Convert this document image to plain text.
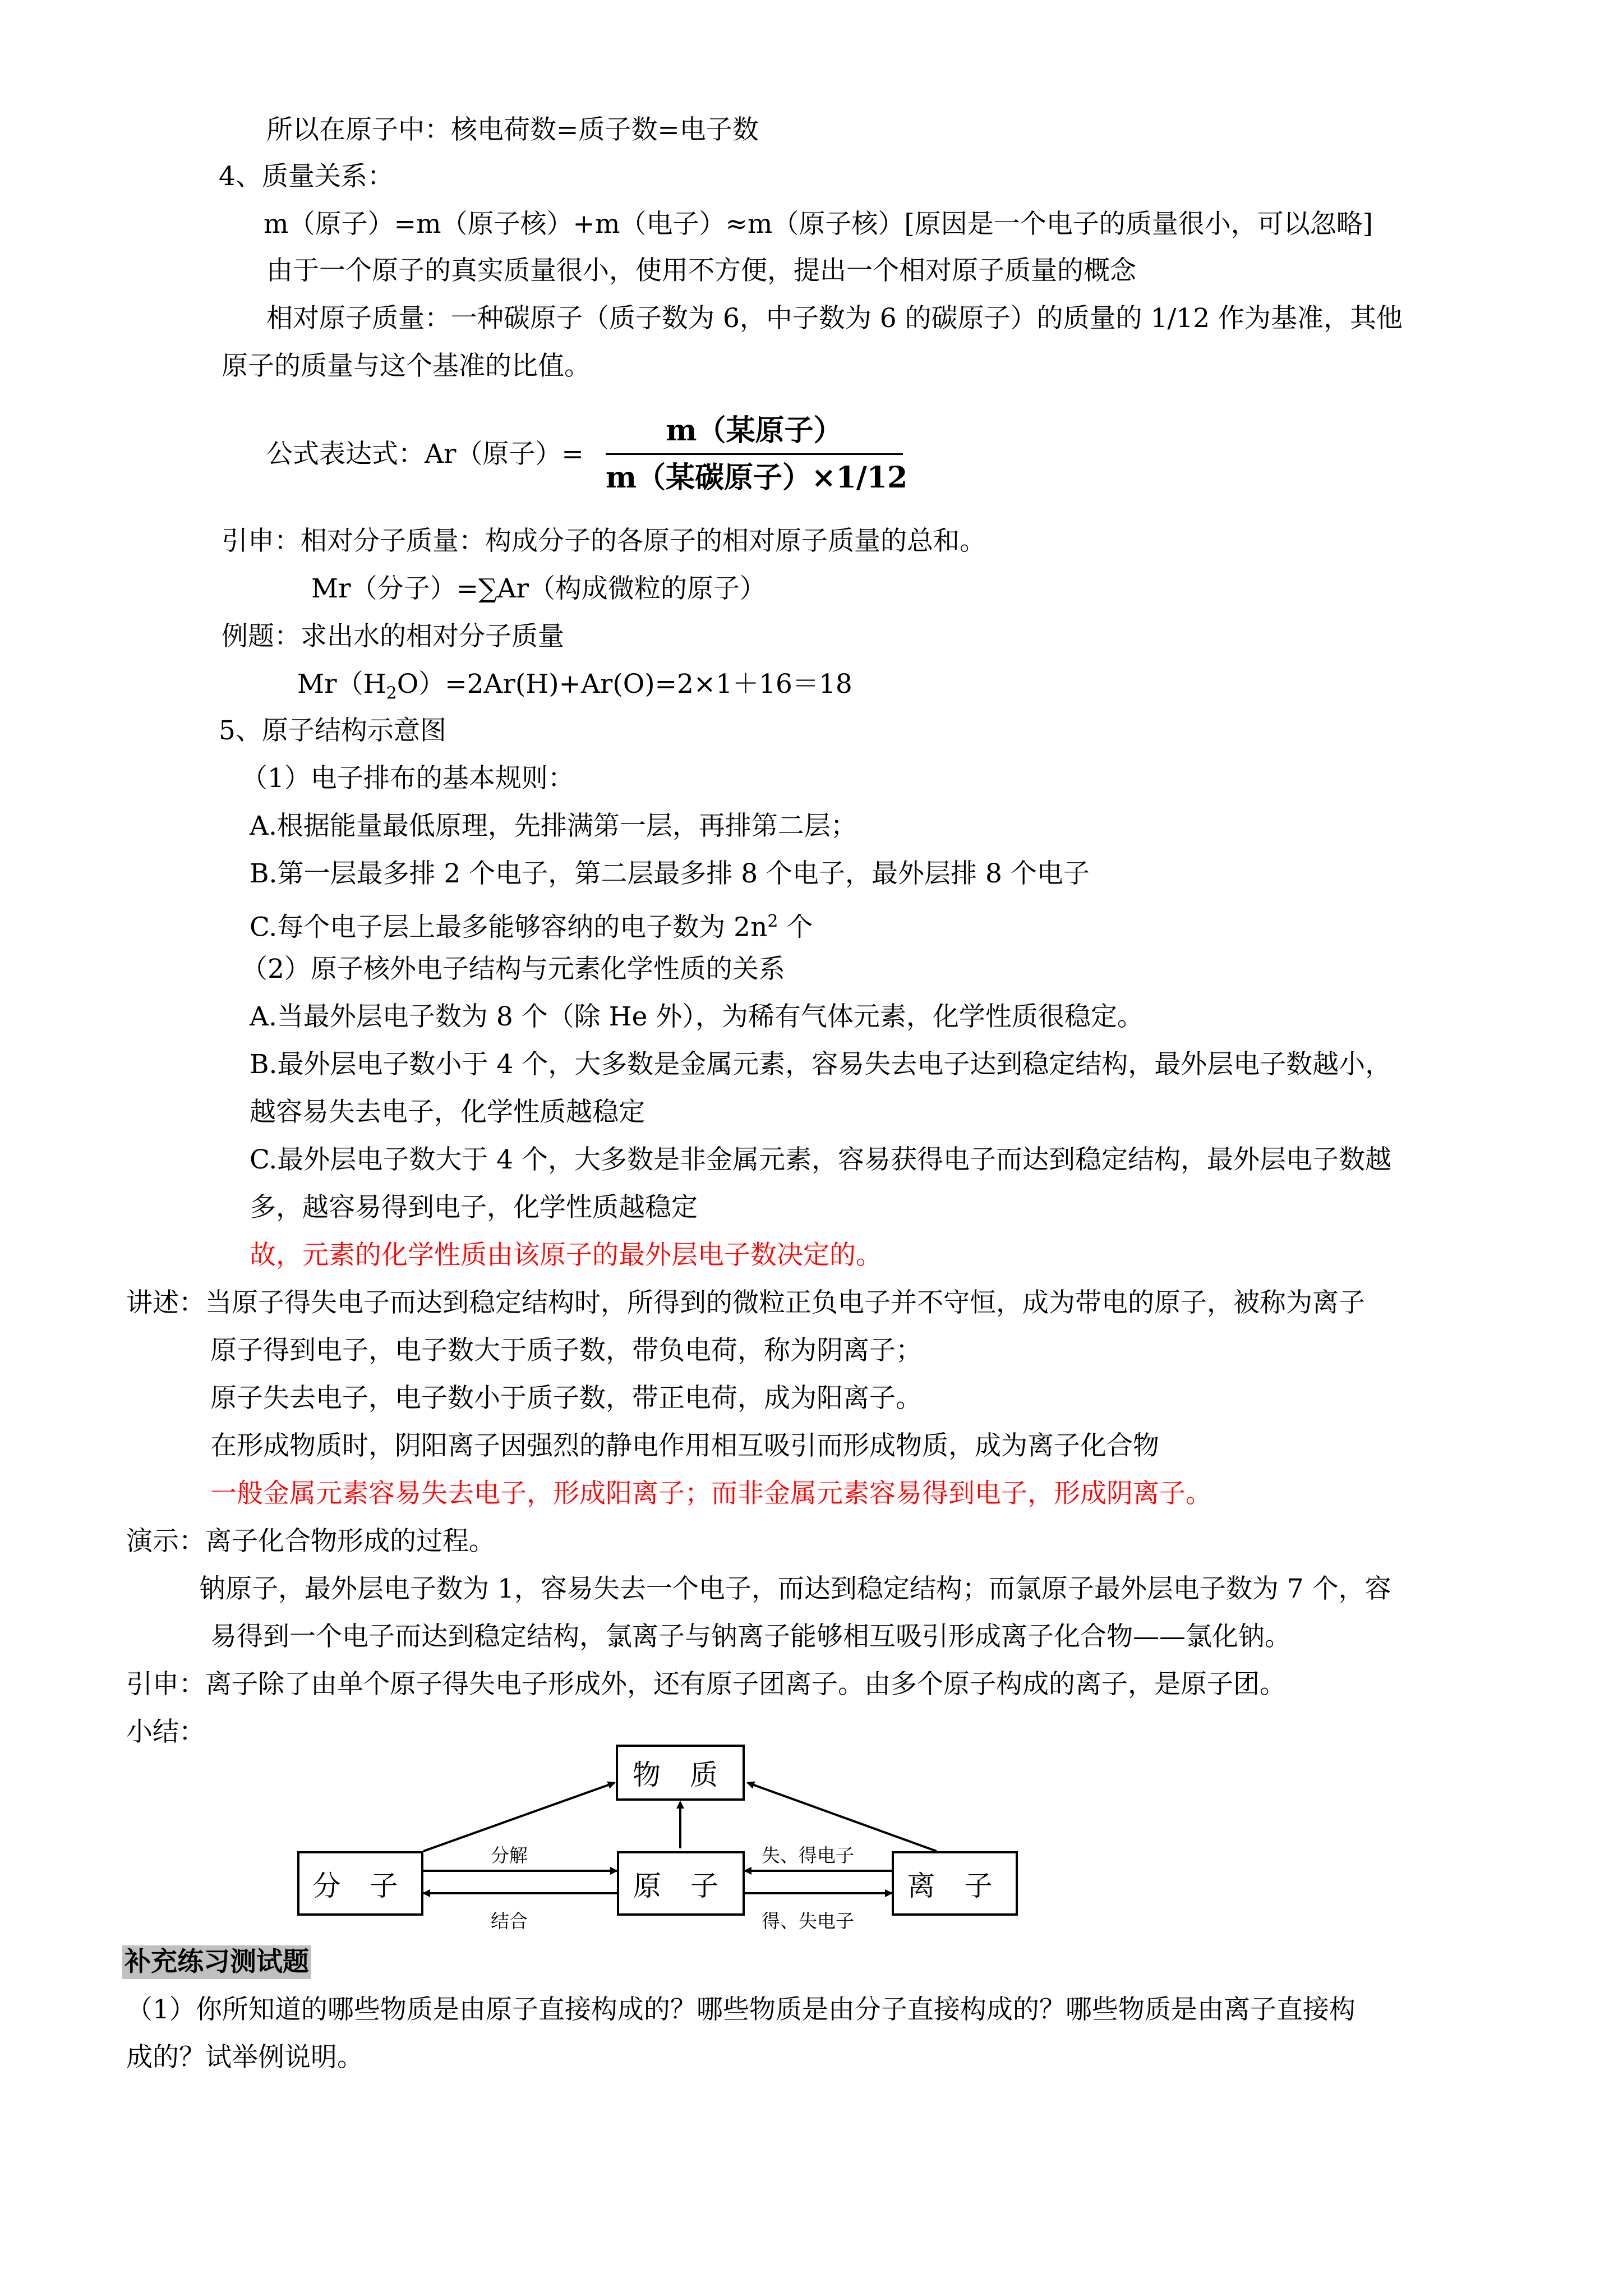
所以在原子中：核电荷数=质子数=电子数
4、质量关系：
m（原子）=m（原子核）+m（电子）≈m（原子核）[原因是一个电子的质量很小，可以忽略]
由于一个原子的真实质量很小，使用不方便，提出一个相对原子质量的概念
相对原子质量：一种碳原子（质子数为 6，中子数为 6 的碳原子）的质量的 1/12 作为基准，其他
原子的质量与这个基准的比值。
公式表达式：Ar（原子）=
m（某原子）
m（某碳原子）×1/12
引申：相对分子质量：构成分子的各原子的相对原子质量的总和。
Mr（分子）=∑Ar（构成微粒的原子）
例题：求出水的相对分子质量
$Mr(H_2O)=2Ar(H)+Ar(O)=2\times 1+16=18$
5、原子结构示意图
（1）电子排布的基本规则：
A.根据能量最低原理，先排满第一层，再排第二层；
B.第一层最多排 2 个电子，第二层最多排 8 个电子，最外层排 8 个电子
C.每个电子层上最多能够容纳的电子数为 $2n^2$ 个
（2）原子核外电子结构与元素化学性质的关系
A.当最外层电子数为 8 个（除 He 外），为稀有气体元素，化学性质很稳定。
B.最外层电子数小于 4 个，大多数是金属元素，容易失去电子达到稳定结构，最外层电子数越小，
越容易失去电子，化学性质越稳定
C.最外层电子数大于 4 个，大多数是非金属元素，容易获得电子而达到稳定结构，最外层电子数越
多，越容易得到电子，化学性质越稳定
故，元素的化学性质由该原子的最外层电子数决定的。
讲述：当原子得失电子而达到稳定结构时，所得到的微粒正负电子并不守恒，成为带电的原子，被称为离子
原子得到电子，电子数大于质子数，带负电荷，称为阴离子；
原子失去电子，电子数小于质子数，带正电荷，成为阳离子。
在形成物质时，阴阳离子因强烈的静电作用相互吸引而形成物质，成为离子化合物
一般金属元素容易失去电子，形成阳离子；而非金属元素容易得到电子，形成阴离子。
演示：离子化合物形成的过程。
钠原子，最外层电子数为 1，容易失去一个电子，而达到稳定结构；而氯原子最外层电子数为 7 个，容
易得到一个电子而达到稳定结构，氯离子与钠离子能够相互吸引形成离子化合物——氯化钠。
引申：离子除了由单个原子得失电子形成外，还有原子团离子。由多个原子构成的离子，是原子团。
小结：
物 质
分 子	原 子	离 子
分解
结合
失、得电子
得、失电子
补充练习测试题
（1）你所知道的哪些物质是由原子直接构成的？哪些物质是由分子直接构成的？哪些物质是由离子直接构
成的？试举例说明。
